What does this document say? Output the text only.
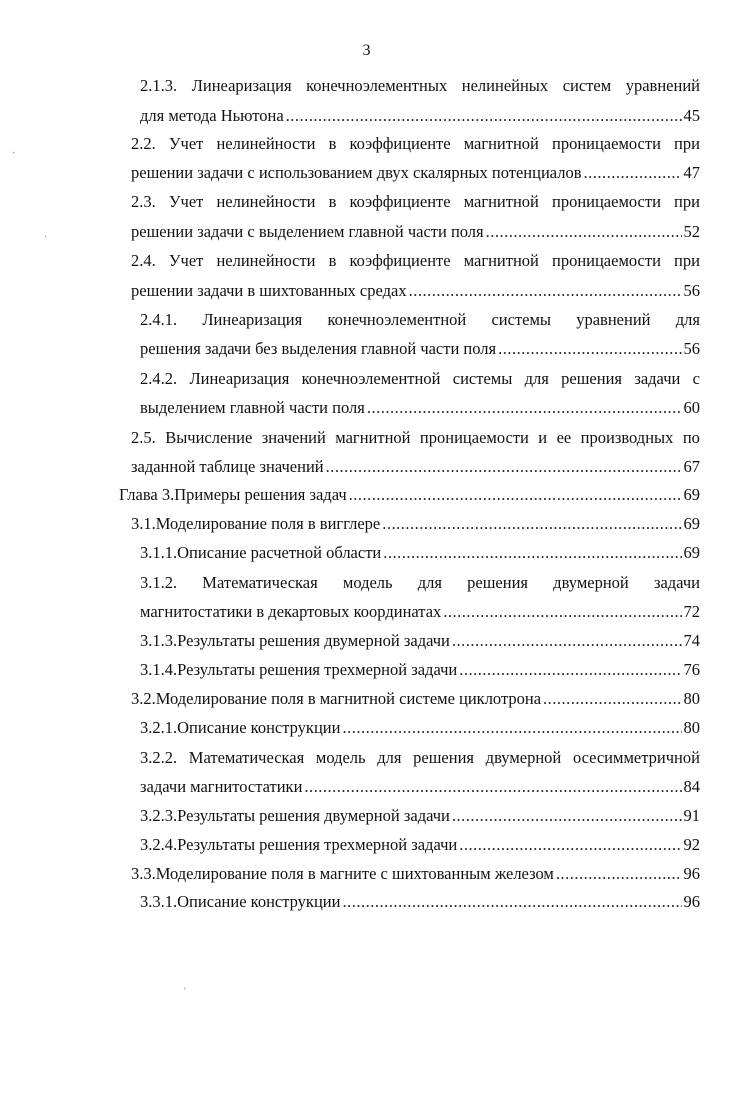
3
2.1.3. Линеаризация конечноэлементных нелинейных систем уравнений
для метода Ньютона .....	45
2.2. Учет нелинейности в коэффициенте магнитной проницаемости при
решении задачи с использованием двух скалярных потенциалов .....	47
2.3. Учет нелинейности в коэффициенте магнитной проницаемости при
решении задачи с выделением главной части поля .....	52
2.4. Учет нелинейности в коэффициенте магнитной проницаемости при
решении задачи в шихтованных средах .....	56
2.4.1. Линеаризация конечноэлементной системы уравнений для
решения задачи без выделения главной части поля .....	56
2.4.2. Линеаризация конечноэлементной системы для решения задачи с
выделением главной части поля .....	60
2.5. Вычисление значений магнитной проницаемости и ее производных по
заданной таблице значений .....	67
Глава 3. Примеры решения задач .....	69
3.1. Моделирование поля в вигглере .....	69
3.1.1. Описание расчетной области .....	69
3.1.2. Математическая модель для решения двумерной задачи
магнитостатики в декартовых координатах .....	72
3.1.3. Результаты решения двумерной задачи .....	74
3.1.4. Результаты решения трехмерной задачи .....	76
3.2. Моделирование поля в магнитной системе циклотрона .....	80
3.2.1. Описание конструкции .....	80
3.2.2. Математическая модель для решения двумерной осесимметричной
задачи магнитостатики .....	84
3.2.3. Результаты решения двумерной задачи .....	91
3.2.4. Результаты решения трехмерной задачи .....	92
3.3. Моделирование поля в магните с шихтованным железом .....	96
3.3.1. Описание конструкции .....	96
·
·
·
